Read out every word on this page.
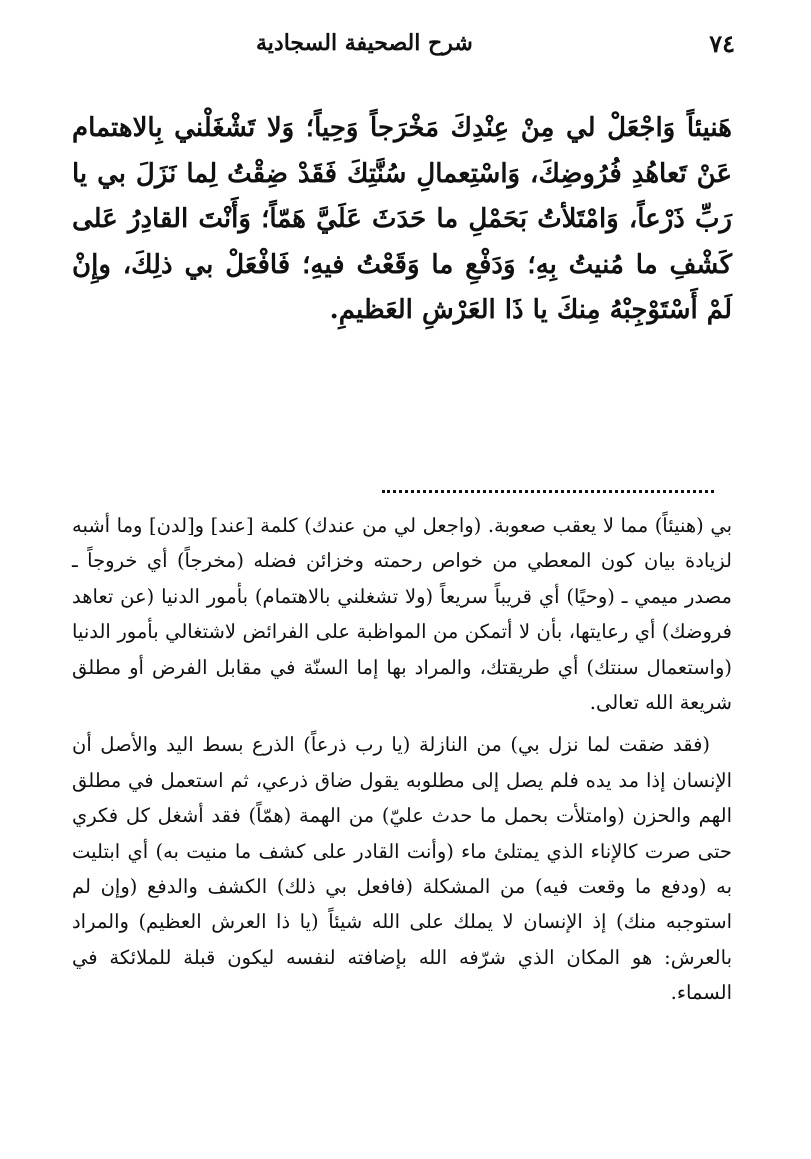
٧٤
شرح الصحيفة السجادية

هَنيئاً وَاجْعَلْ لي مِنْ عِنْدِكَ مَخْرَجاً وَحِياً؛ وَلا تَشْغَلْني بِالاهتمام عَنْ تَعاهُدِ فُرُوضِكَ، وَاسْتِعمالِ سُنَّتِكَ فَقَدْ ضِقْتُ لِما نَزَلَ بي يا رَبِّ ذَرْعاً، وَامْتَلأتُ بَحَمْلِ ما حَدَثَ عَلَيَّ هَمّاً؛ وَأَنْتَ القادِرُ عَلى كَشْفِ ما مُنيتُ بِهِ؛ وَدَفْعِ ما وَقَعْتُ فيهِ؛ فَافْعَلْ بي ذلِكَ، وإِنْ لَمْ أَسْتَوْجِبْهُ مِنكَ يا ذَا العَرْشِ العَظيمِ.

بي (هنيئاً) مما لا يعقب صعوبة. (واجعل لي من عندك) كلمة [عند] و[لدن] وما أشبه لزيادة بيان كون المعطي من خواص رحمته وخزائن فضله (مخرجاً) أي خروجاً ـ مصدر ميمي ـ (وحيًا) أي قريباً سريعاً (ولا تشغلني بالاهتمام) بأمور الدنيا (عن تعاهد فروضك) أي رعايتها، بأن لا أتمكن من المواظبة على الفرائض لاشتغالي بأمور الدنيا (واستعمال سنتك) أي طريقتك، والمراد بها إما السنّة في مقابل الفرض أو مطلق شريعة الله تعالى.

(فقد ضقت لما نزل بي) من النازلة (يا رب ذرعاً) الذرع بسط اليد والأصل أن الإنسان إذا مد يده فلم يصل إلى مطلوبه يقول ضاق ذرعي، ثم استعمل في مطلق الهم والحزن (وامتلأت بحمل ما حدث عليّ) من الهمة (همّاً) فقد أشغل كل فكري حتى صرت كالإناء الذي يمتلئ ماء (وأنت القادر على كشف ما منيت به) أي ابتليت به (ودفع ما وقعت فيه) من المشكلة (فافعل بي ذلك) الكشف والدفع (وإن لم استوجبه منك) إذ الإنسان لا يملك على الله شيئاً (يا ذا العرش العظيم) والمراد بالعرش: هو المكان الذي شرّفه الله بإضافته لنفسه ليكون قبلة للملائكة في السماء.
